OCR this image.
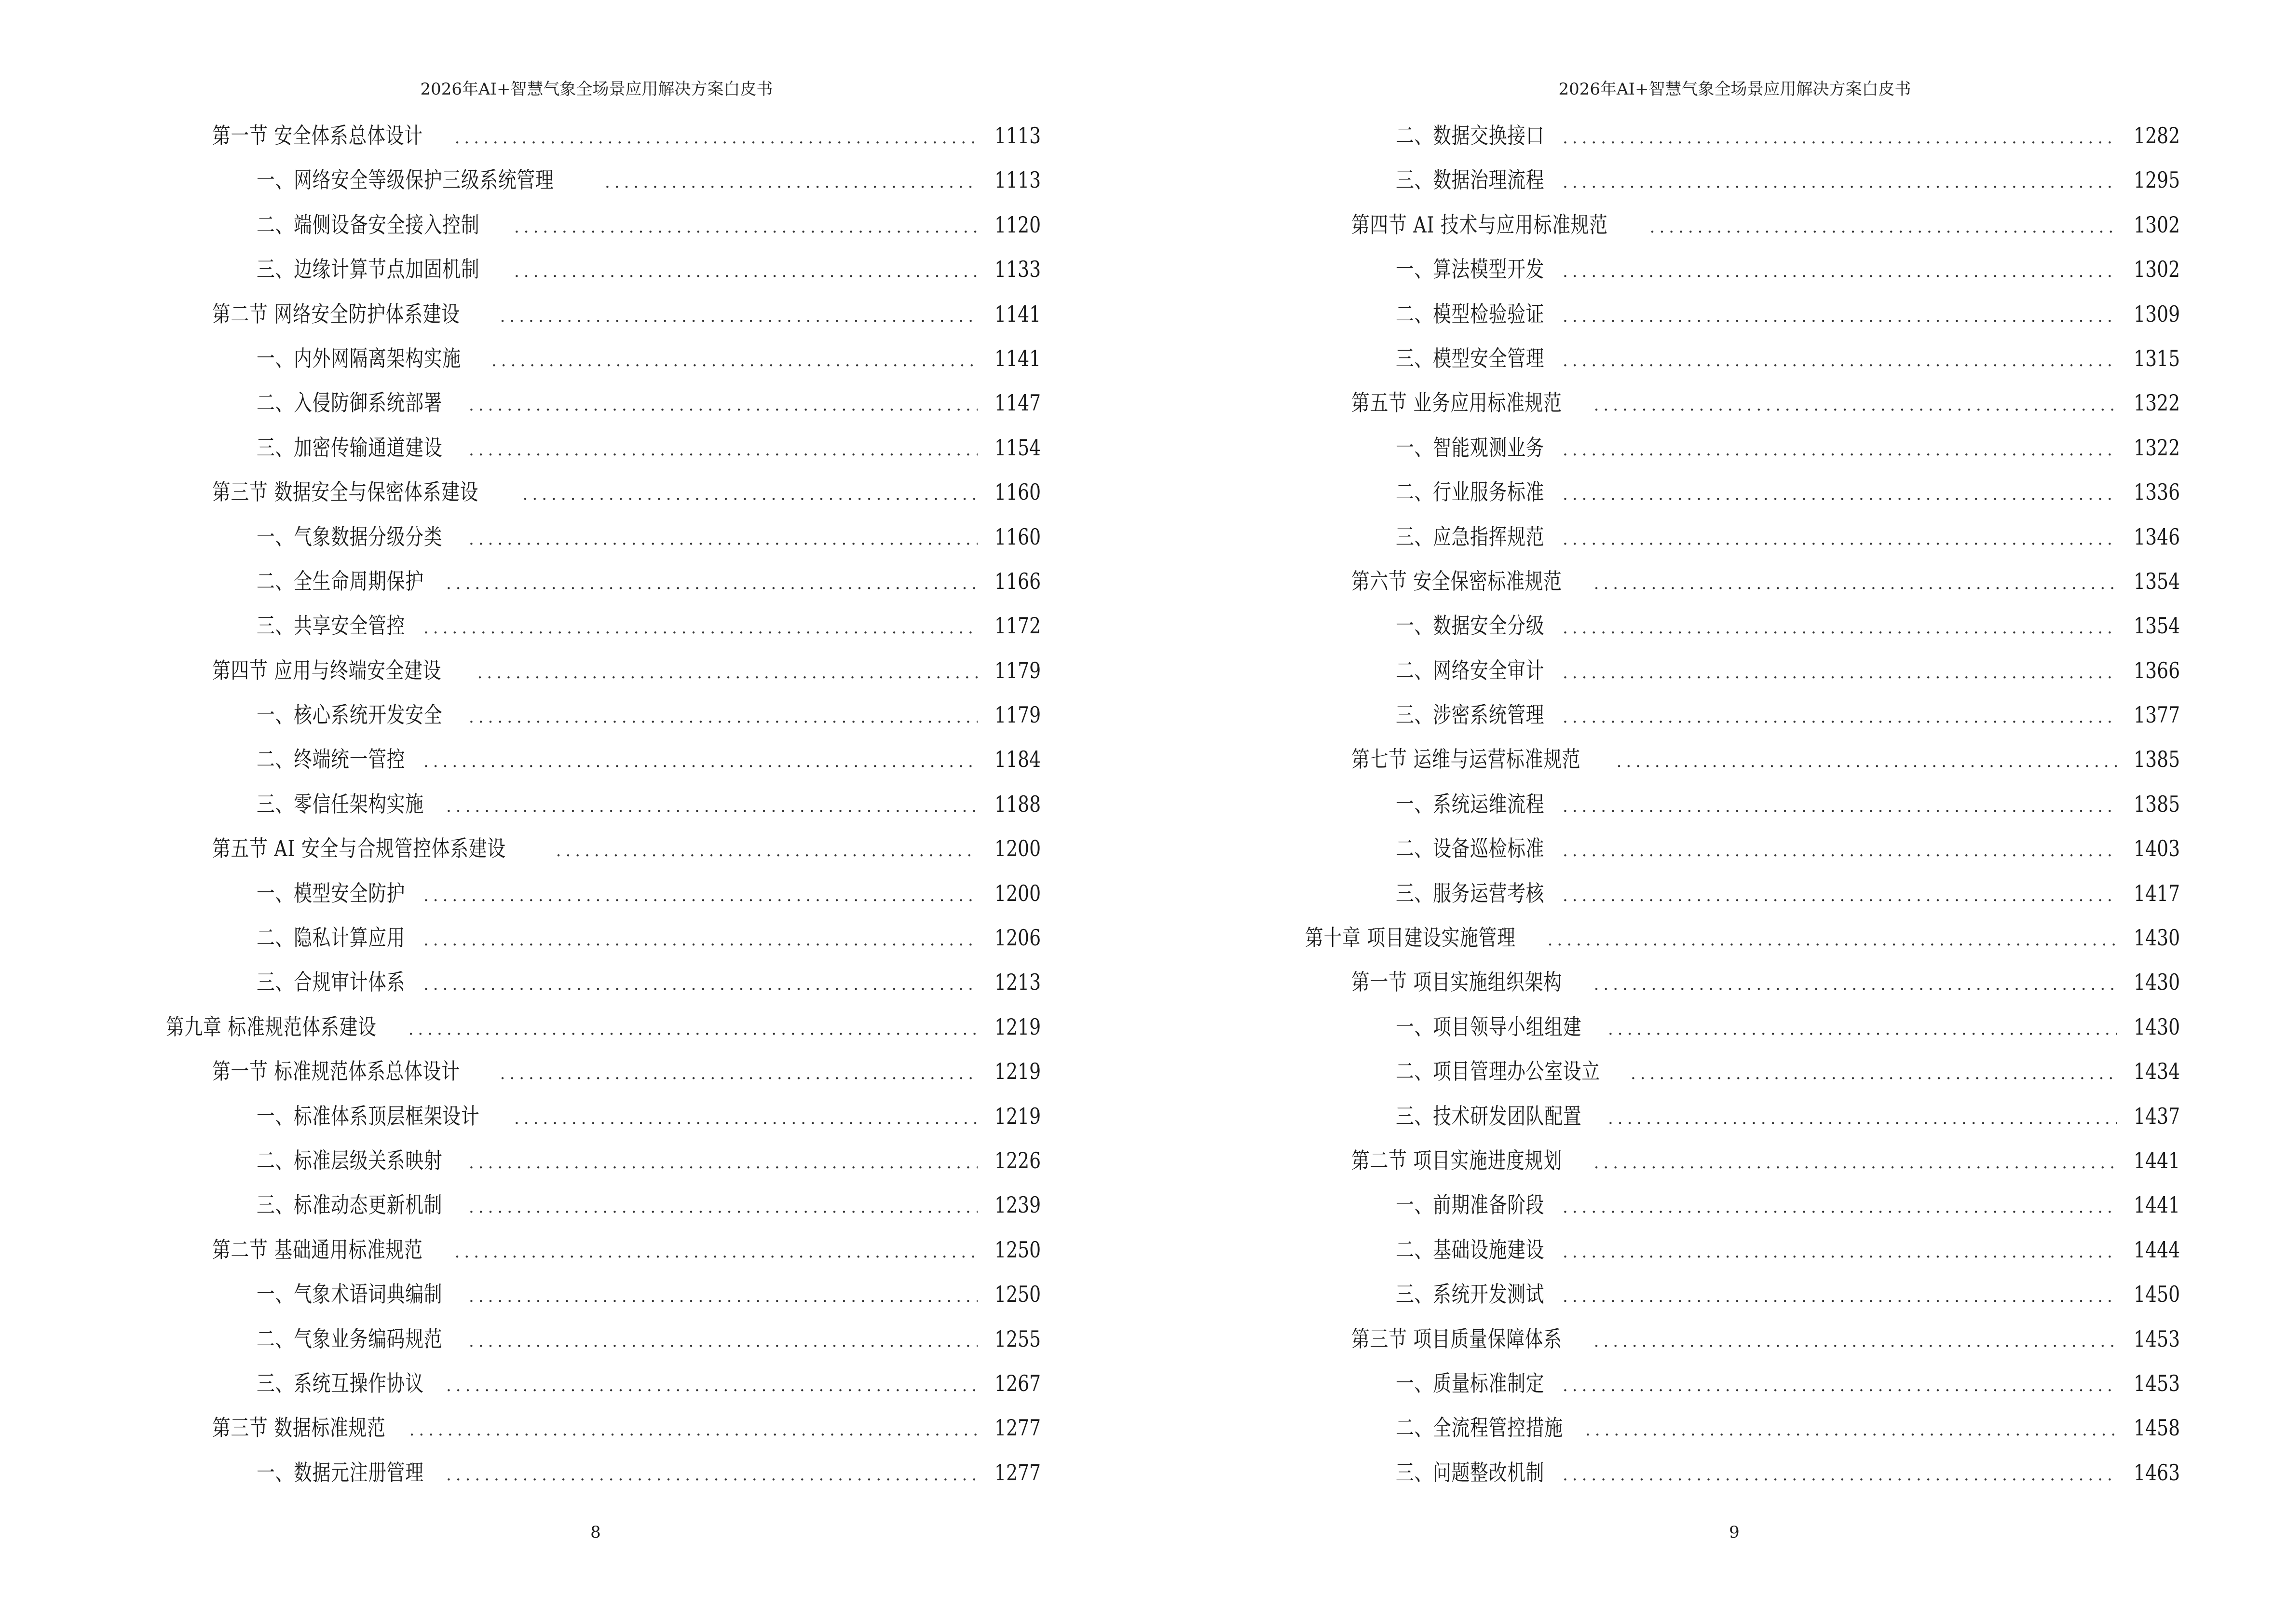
2026年AI+智慧气象全场景应用解决方案白皮书
第一节 安全体系总体设计 .....	1113
一、网络安全等级保护三级系统管理 .....	1113
二、端侧设备安全接入控制 .....	1120
三、边缘计算节点加固机制 .....	1133
第二节 网络安全防护体系建设 .....	1141
一、内外网隔离架构实施 .....	1141
二、入侵防御系统部署 .....	1147
三、加密传输通道建设 .....	1154
第三节 数据安全与保密体系建设 .....	1160
一、气象数据分级分类 .....	1160
二、全生命周期保护 .....	1166
三、共享安全管控 .....	1172
第四节 应用与终端安全建设 .....	1179
一、核心系统开发安全 .....	1179
二、终端统一管控 .....	1184
三、零信任架构实施 .....	1188
第五节 AI 安全与合规管控体系建设 .....	1200
一、模型安全防护 .....	1200
二、隐私计算应用 .....	1206
三、合规审计体系 .....	1213
第九章 标准规范体系建设 .....	1219
第一节 标准规范体系总体设计 .....	1219
一、标准体系顶层框架设计 .....	1219
二、标准层级关系映射 .....	1226
三、标准动态更新机制 .....	1239
第二节 基础通用标准规范 .....	1250
一、气象术语词典编制 .....	1250
二、气象业务编码规范 .....	1255
三、系统互操作协议 .....	1267
第三节 数据标准规范 .....	1277
一、数据元注册管理 .....	1277
8
2026年AI+智慧气象全场景应用解决方案白皮书
二、数据交换接口 .....	1282
三、数据治理流程 .....	1295
第四节 AI 技术与应用标准规范 .....	1302
一、算法模型开发 .....	1302
二、模型检验验证 .....	1309
三、模型安全管理 .....	1315
第五节 业务应用标准规范 .....	1322
一、智能观测业务 .....	1322
二、行业服务标准 .....	1336
三、应急指挥规范 .....	1346
第六节 安全保密标准规范 .....	1354
一、数据安全分级 .....	1354
二、网络安全审计 .....	1366
三、涉密系统管理 .....	1377
第七节 运维与运营标准规范 .....	1385
一、系统运维流程 .....	1385
二、设备巡检标准 .....	1403
三、服务运营考核 .....	1417
第十章 项目建设实施管理 .....	1430
第一节 项目实施组织架构 .....	1430
一、项目领导小组组建 .....	1430
二、项目管理办公室设立 .....	1434
三、技术研发团队配置 .....	1437
第二节 项目实施进度规划 .....	1441
一、前期准备阶段 .....	1441
二、基础设施建设 .....	1444
三、系统开发测试 .....	1450
第三节 项目质量保障体系 .....	1453
一、质量标准制定 .....	1453
二、全流程管控措施 .....	1458
三、问题整改机制 .....	1463
9
